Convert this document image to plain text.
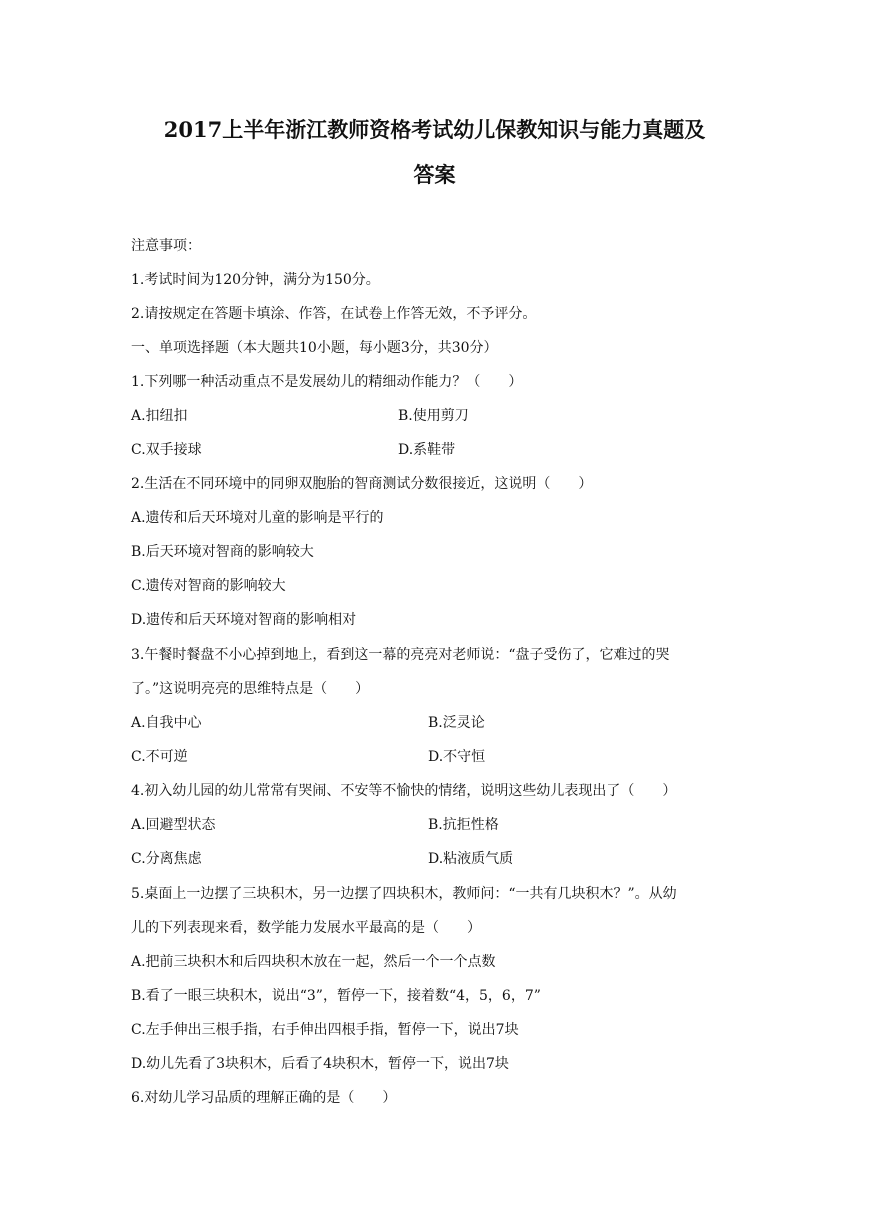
2017上半年浙江教师资格考试幼儿保教知识与能力真题及
答案
注意事项：
1.考试时间为120分钟，满分为150分。
2.请按规定在答题卡填涂、作答，在试卷上作答无效，不予评分。
一、单项选择题（本大题共10小题，每小题3分，共30分）
1.下列哪一种活动重点不是发展幼儿的精细动作能力？（　　）
A.扣纽扣	B.使用剪刀
C.双手接球	D.系鞋带
2.生活在不同环境中的同卵双胞胎的智商测试分数很接近，这说明（　　）
A.遗传和后天环境对儿童的影响是平行的
B.后天环境对智商的影响较大
C.遗传对智商的影响较大
D.遗传和后天环境对智商的影响相对
3.午餐时餐盘不小心掉到地上，看到这一幕的亮亮对老师说：“盘子受伤了，它难过的哭
了。”这说明亮亮的思维特点是（　　）
A.自我中心	B.泛灵论
C.不可逆	D.不守恒
4.初入幼儿园的幼儿常常有哭闹、不安等不愉快的情绪，说明这些幼儿表现出了（　　）
A.回避型状态	B.抗拒性格
C.分离焦虑	D.粘液质气质
5.桌面上一边摆了三块积木，另一边摆了四块积木，教师问：“一共有几块积木？”。从幼
儿的下列表现来看，数学能力发展水平最高的是（　　）
A.把前三块积木和后四块积木放在一起，然后一个一个点数
B.看了一眼三块积木，说出“3”，暂停一下，接着数“4，5，6，7”
C.左手伸出三根手指，右手伸出四根手指，暂停一下，说出7块
D.幼儿先看了3块积木，后看了4块积木，暂停一下，说出7块
6.对幼儿学习品质的理解正确的是（　　）
